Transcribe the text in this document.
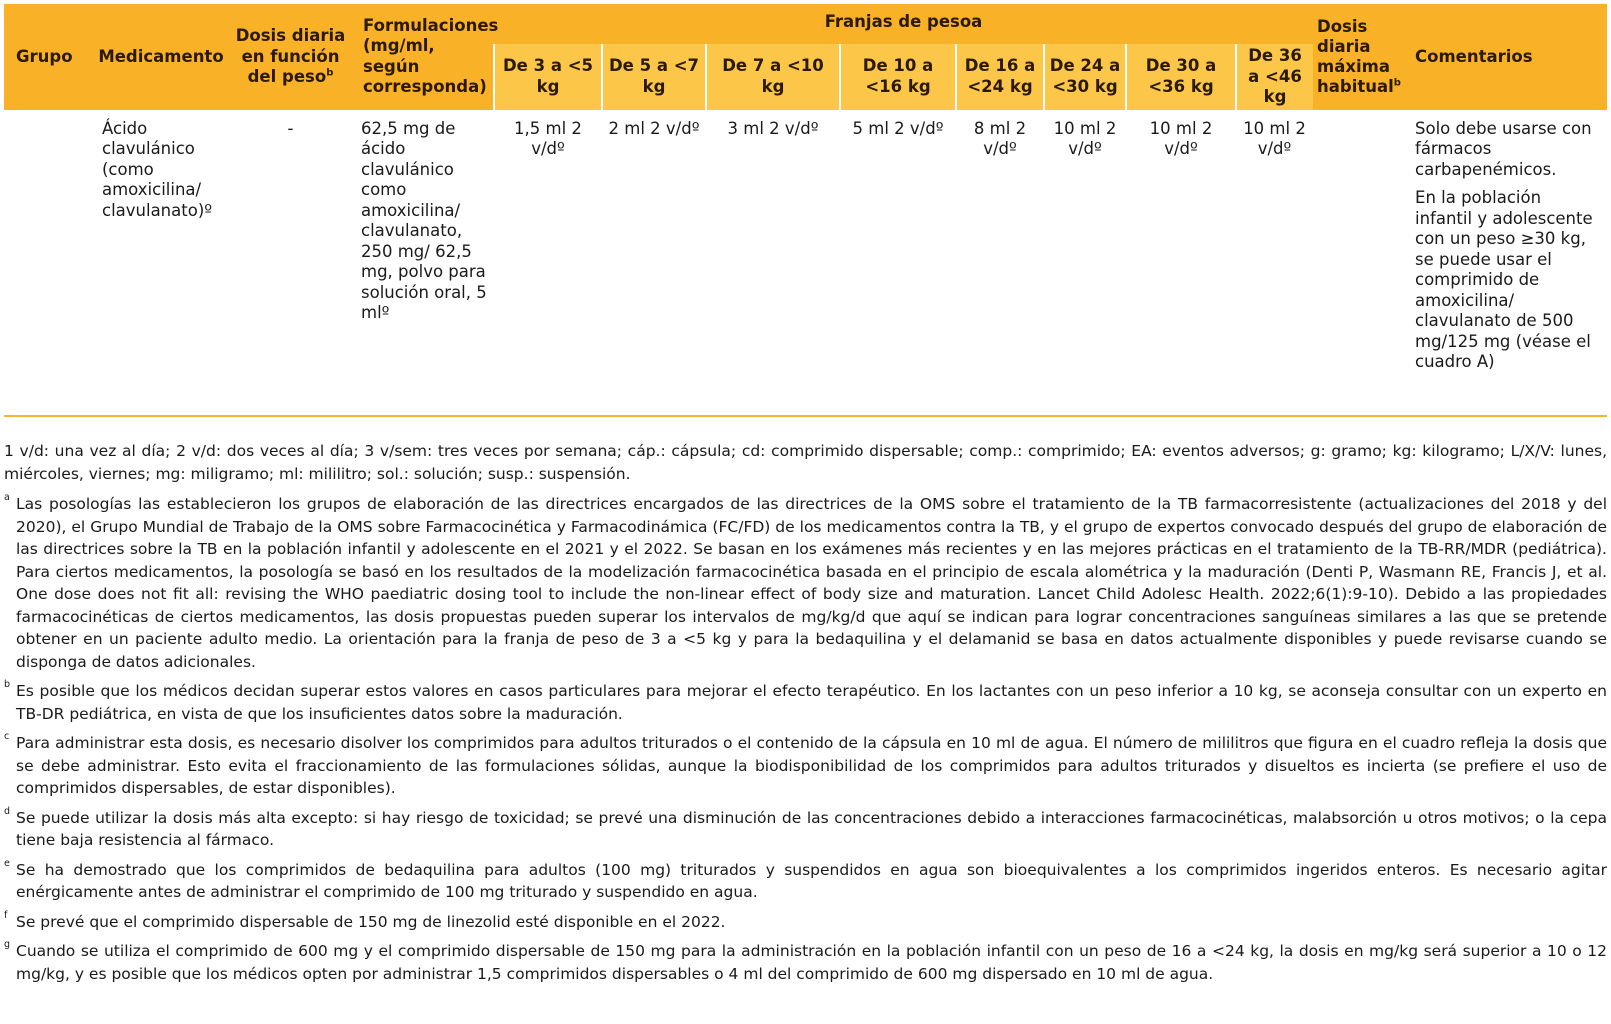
Grupo	Medicamento	Dosis diaria en función del peso$^b$	Formulaciones (mg/ml, según corresponda)	Franjas de pesoa								Dosis diaria máxima habitual$^b$	Comentarios
				De 3 a <5 kg	De 5 a <7 kg	De 7 a <10 kg	De 10 a <16 kg	De 16 a <24 kg	De 24 a <30 kg	De 30 a <36 kg	De 36 a <46 kg		
	Ácido clavulánico (como amoxicilina/ clavulanato)º	-	62,5 mg de ácido clavulánico como amoxicilina/ clavulanato, 250 mg/ 62,5 mg, polvo para solución oral, 5 mlº	1,5 ml 2 v/dº	2 ml 2 v/dº	3 ml 2 v/dº	5 ml 2 v/dº	8 ml 2 v/dº	10 ml 2 v/dº	10 ml 2 v/dº	10 ml 2 v/dº		Solo debe usarse con fármacos carbapenémicos.

En la población infantil y adolescente con un peso ≥30 kg, se puede usar el comprimido de amoxicilina/ clavulanato de 500 mg/125 mg (véase el cuadro A)

1 v/d: una vez al día; 2 v/d: dos veces al día; 3 v/sem: tres veces por semana; cáp.: cápsula; cd: comprimido dispersable; comp.: comprimido; EA: eventos adversos; g: gramo; kg: kilogramo; L/X/V: lunes, miércoles, viernes; mg: miligramo; ml: mililitro; sol.: solución; susp.: suspensión.

a Las posologías las establecieron los grupos de elaboración de las directrices encargados de las directrices de la OMS sobre el tratamiento de la TB farmacorresistente (actualizaciones del 2018 y del 2020), el Grupo Mundial de Trabajo de la OMS sobre Farmacocinética y Farmacodinámica (FC/FD) de los medicamentos contra la TB, y el grupo de expertos convocado después del grupo de elaboración de las directrices sobre la TB en la población infantil y adolescente en el 2021 y el 2022. Se basan en los exámenes más recientes y en las mejores prácticas en el tratamiento de la TB-RR/MDR (pediátrica). Para ciertos medicamentos, la posología se basó en los resultados de la modelización farmacocinética basada en el principio de escala alométrica y la maduración (Denti P, Wasmann RE, Francis J, et al. One dose does not fit all: revising the WHO paediatric dosing tool to include the non-linear effect of body size and maturation. Lancet Child Adolesc Health. 2022;6(1):9-10). Debido a las propiedades farmacocinéticas de ciertos medicamentos, las dosis propuestas pueden superar los intervalos de mg/kg/d que aquí se indican para lograr concentraciones sanguíneas similares a las que se pretende obtener en un paciente adulto medio. La orientación para la franja de peso de 3 a <5 kg y para la bedaquilina y el delamanid se basa en datos actualmente disponibles y puede revisarse cuando se disponga de datos adicionales.

b Es posible que los médicos decidan superar estos valores en casos particulares para mejorar el efecto terapéutico. En los lactantes con un peso inferior a 10 kg, se aconseja consultar con un experto en TB-DR pediátrica, en vista de que los insuficientes datos sobre la maduración.

c Para administrar esta dosis, es necesario disolver los comprimidos para adultos triturados o el contenido de la cápsula en 10 ml de agua. El número de mililitros que figura en el cuadro refleja la dosis que se debe administrar. Esto evita el fraccionamiento de las formulaciones sólidas, aunque la biodisponibilidad de los comprimidos para adultos triturados y disueltos es incierta (se prefiere el uso de comprimidos dispersables, de estar disponibles).

d Se puede utilizar la dosis más alta excepto: si hay riesgo de toxicidad; se prevé una disminución de las concentraciones debido a interacciones farmacocinéticas, malabsorción u otros motivos; o la cepa tiene baja resistencia al fármaco.

e Se ha demostrado que los comprimidos de bedaquilina para adultos (100 mg) triturados y suspendidos en agua son bioequivalentes a los comprimidos ingeridos enteros. Es necesario agitar enérgicamente antes de administrar el comprimido de 100 mg triturado y suspendido en agua.

f Se prevé que el comprimido dispersable de 150 mg de linezolid esté disponible en el 2022.

g Cuando se utiliza el comprimido de 600 mg y el comprimido dispersable de 150 mg para la administración en la población infantil con un peso de 16 a <24 kg, la dosis en mg/kg será superior a 10 o 12 mg/kg, y es posible que los médicos opten por administrar 1,5 comprimidos dispersables o 4 ml del comprimido de 600 mg dispersado en 10 ml de agua.
